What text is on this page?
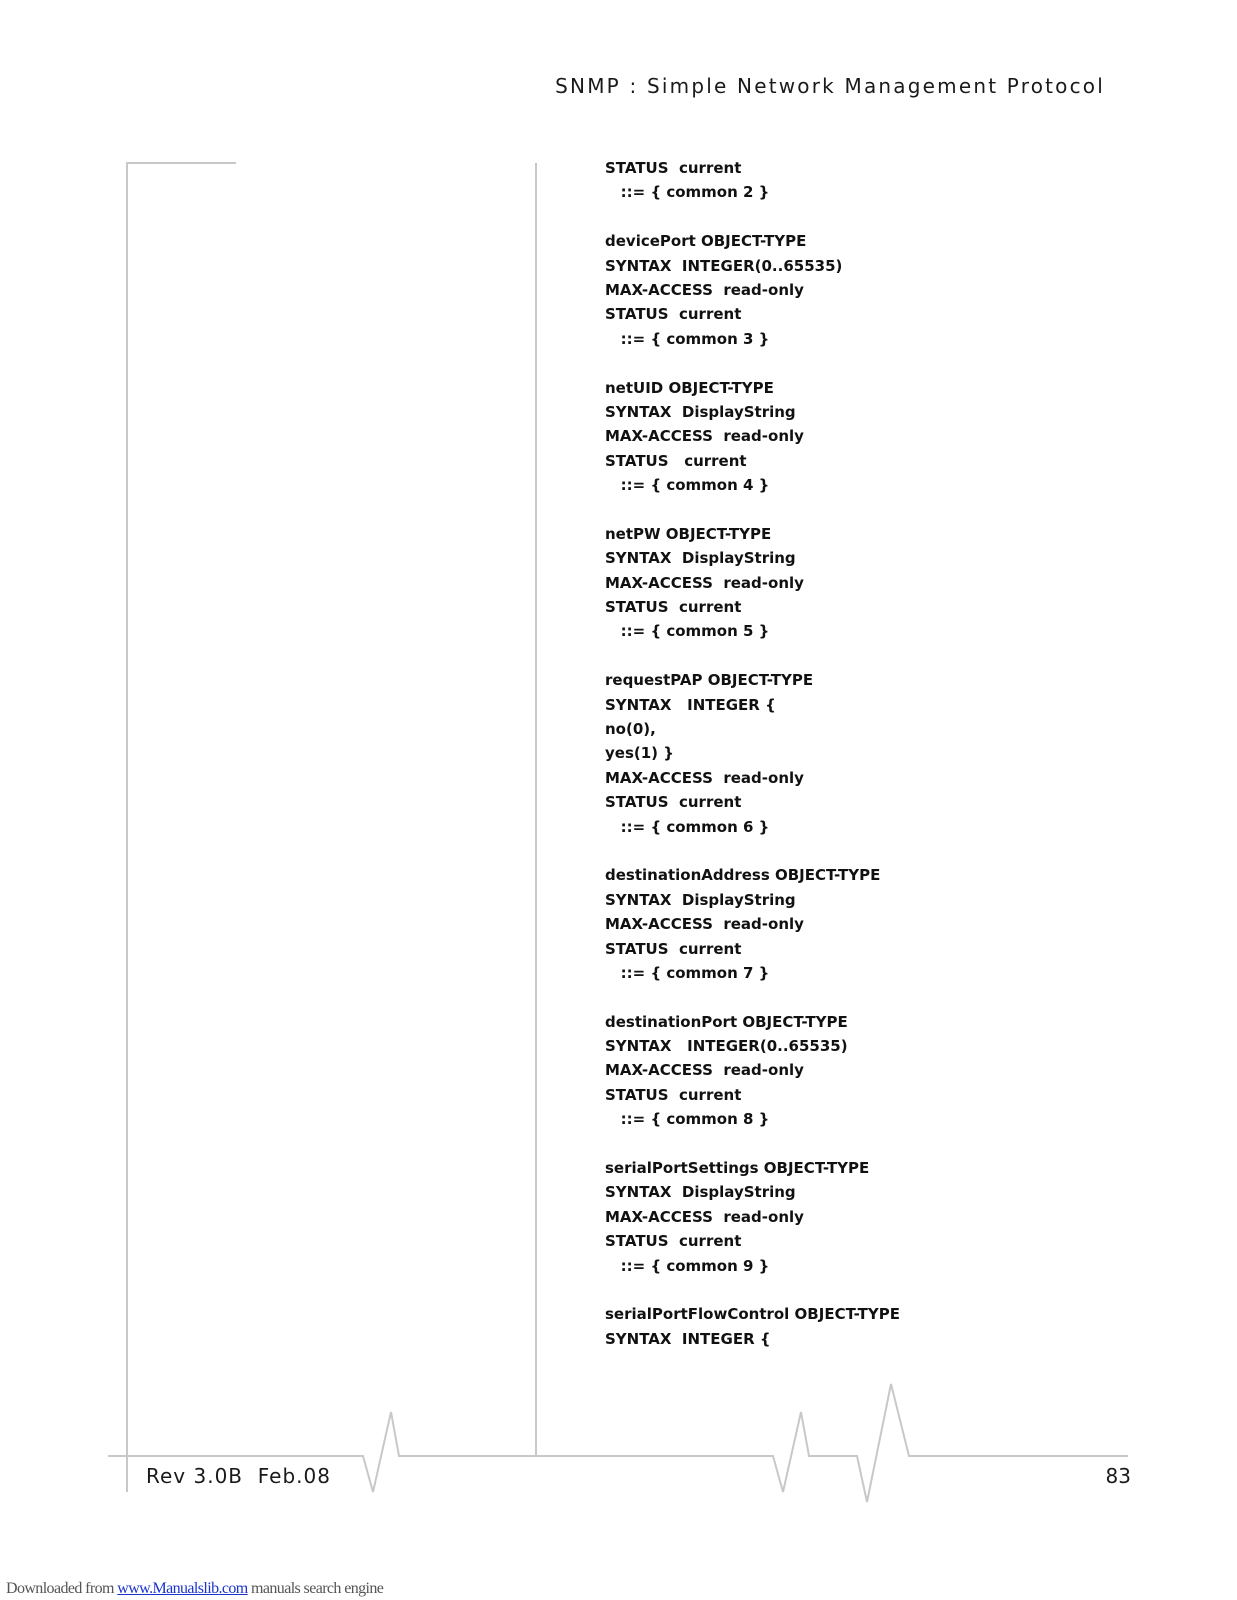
SNMP : Simple Network Management Protocol
STATUS  current
::= { common 2 }
devicePort OBJECT-TYPE
SYNTAX  INTEGER(0..65535)
MAX-ACCESS  read-only
STATUS  current
::= { common 3 }
netUID OBJECT-TYPE
SYNTAX  DisplayString
MAX-ACCESS  read-only
STATUS   current
::= { common 4 }
netPW OBJECT-TYPE
SYNTAX  DisplayString
MAX-ACCESS  read-only
STATUS  current
::= { common 5 }
requestPAP OBJECT-TYPE
SYNTAX   INTEGER {
no(0),
yes(1) }
MAX-ACCESS  read-only
STATUS  current
::= { common 6 }
destinationAddress OBJECT-TYPE
SYNTAX  DisplayString
MAX-ACCESS  read-only
STATUS  current
::= { common 7 }
destinationPort OBJECT-TYPE
SYNTAX   INTEGER(0..65535)
MAX-ACCESS  read-only
STATUS  current
::= { common 8 }
serialPortSettings OBJECT-TYPE
SYNTAX  DisplayString
MAX-ACCESS  read-only
STATUS  current
::= { common 9 }
serialPortFlowControl OBJECT-TYPE
SYNTAX  INTEGER {
Rev 3.0B  Feb.08	83
Downloaded from www.Manualslib.com manuals search engine
